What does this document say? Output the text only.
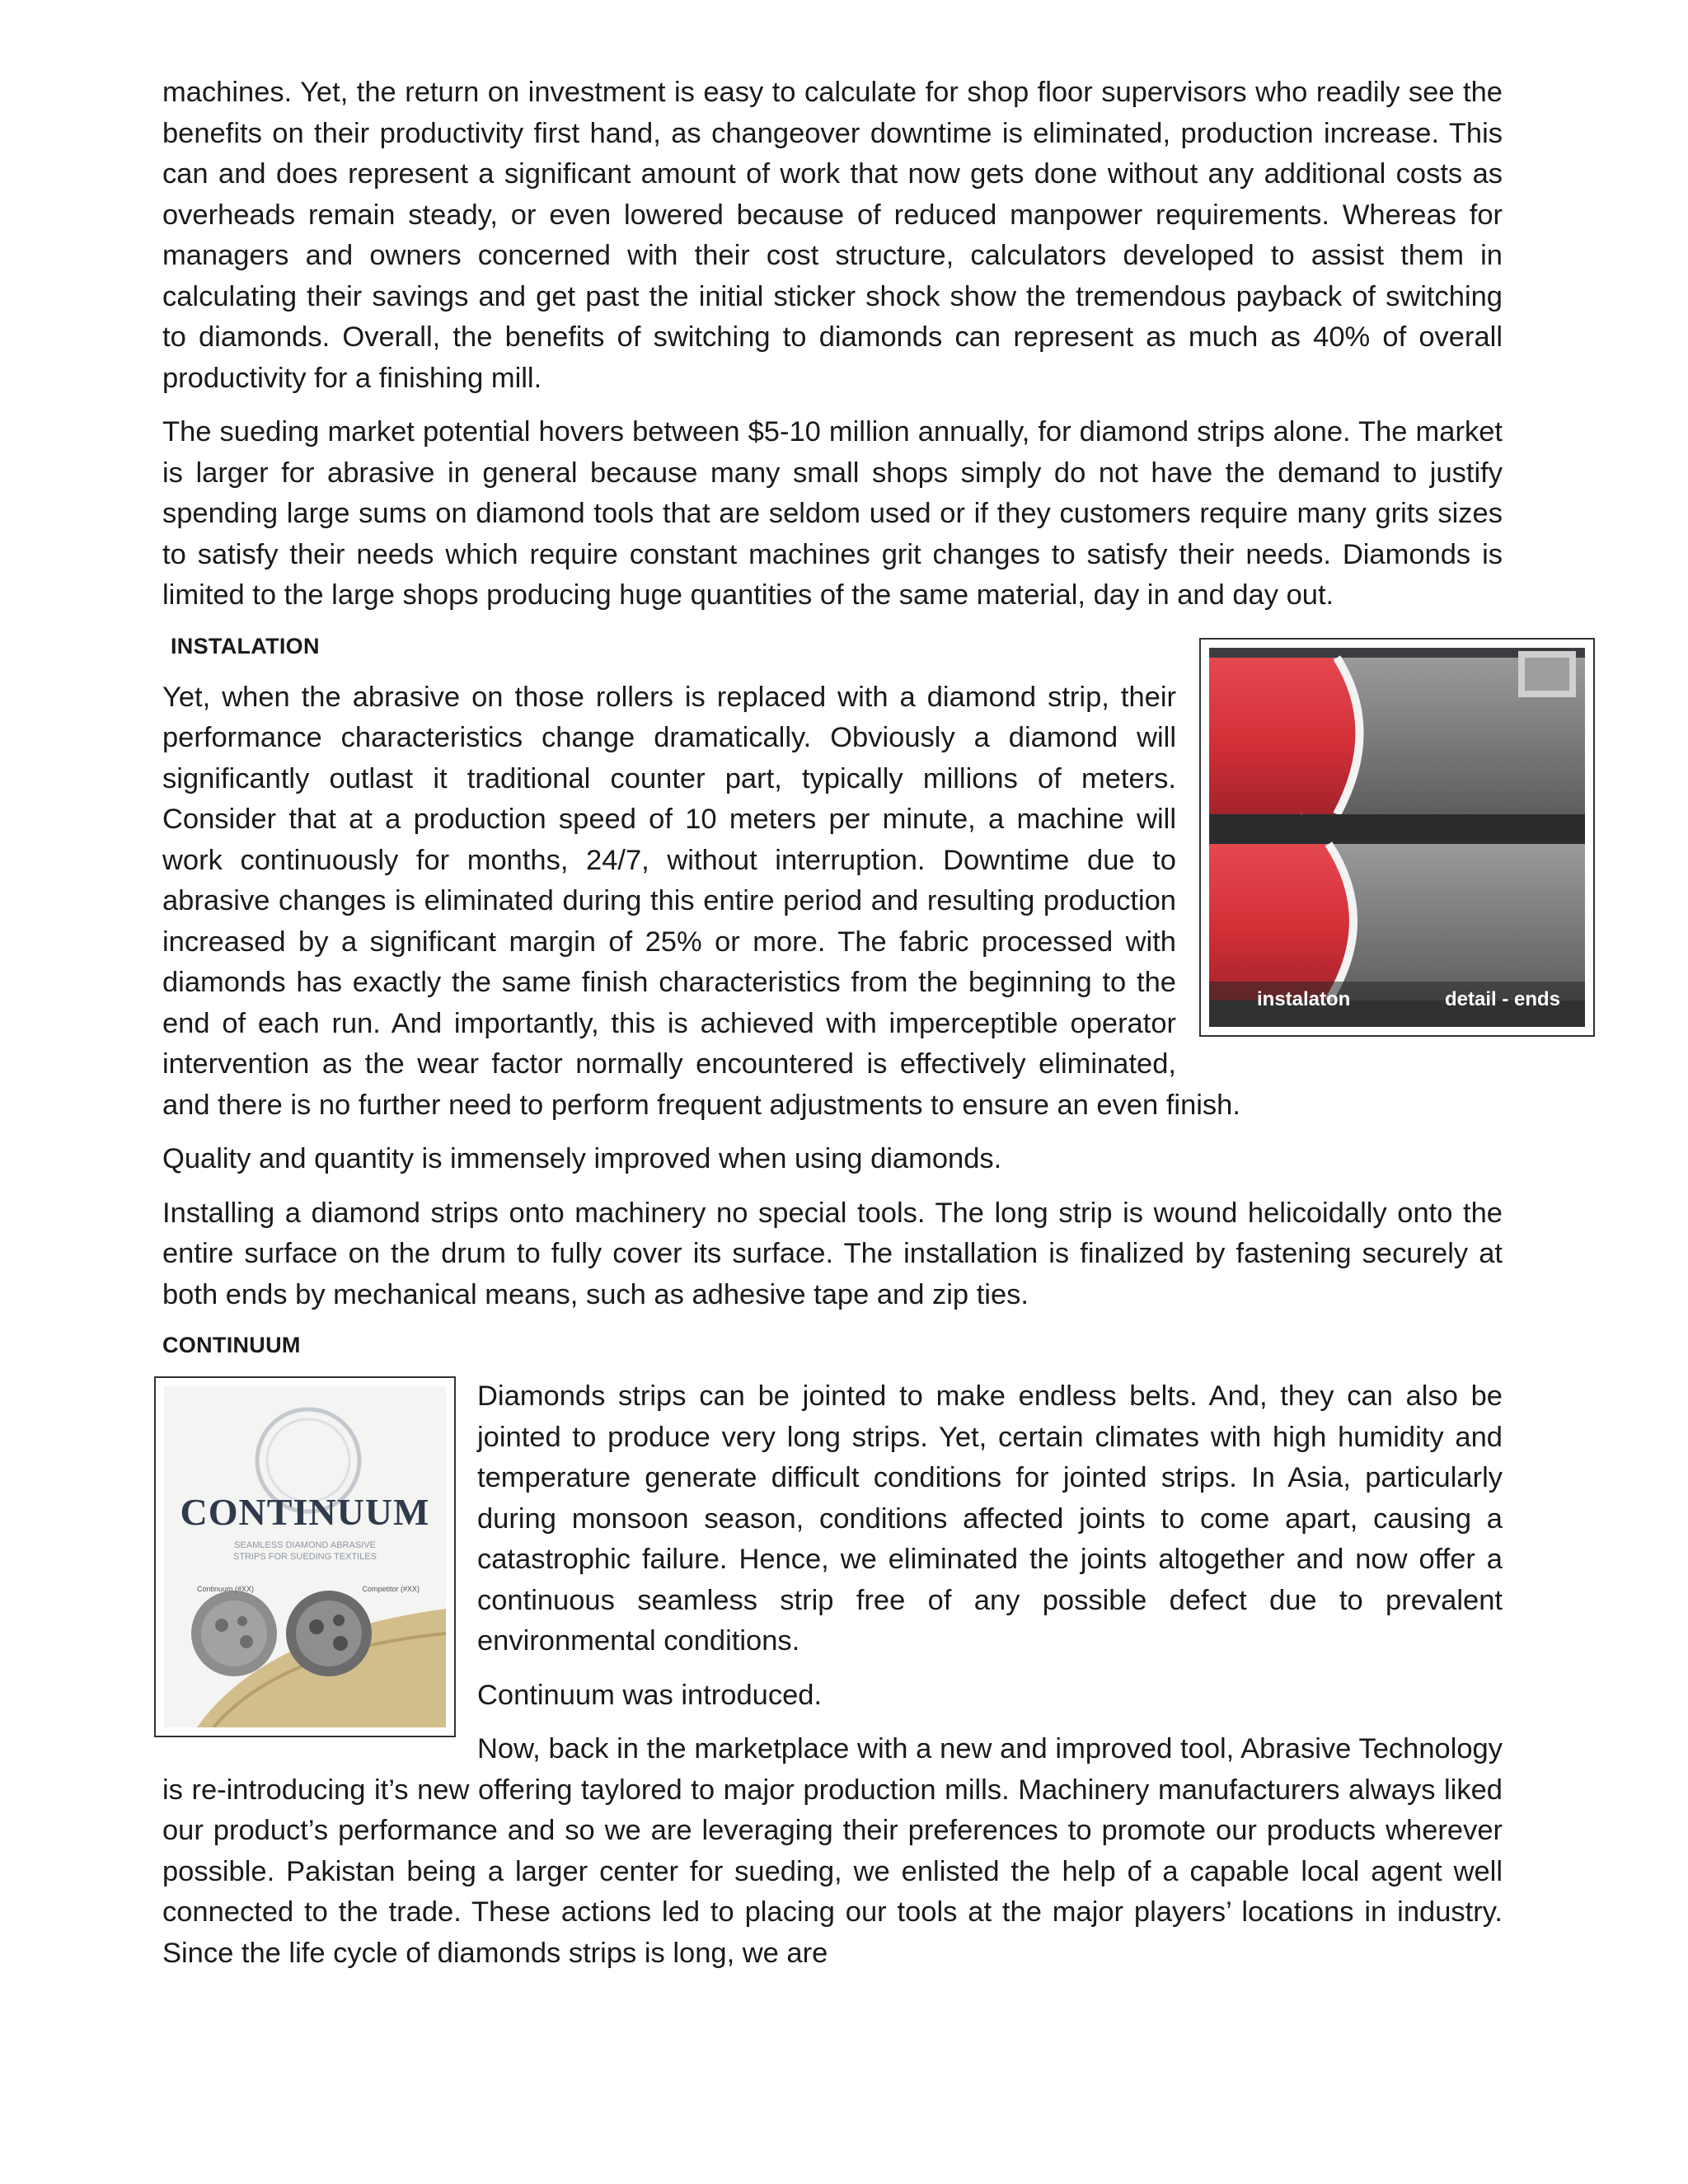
machines. Yet, the return on investment is easy to calculate for shop floor supervisors who readily see the benefits on their productivity first hand, as changeover downtime is eliminated, production increase. This can and does represent a significant amount of work that now gets done without any additional costs as overheads remain steady, or even lowered because of reduced manpower requirements. Whereas for managers and owners concerned with their cost structure, calculators developed to assist them in calculating their savings and get past the initial sticker shock show the tremendous payback of switching to diamonds. Overall, the benefits of switching to diamonds can represent as much as 40% of overall productivity for a finishing mill.

The sueding market potential hovers between $5-10 million annually, for diamond strips alone. The market is larger for abrasive in general because many small shops simply do not have the demand to justify spending large sums on diamond tools that are seldom used or if they customers require many grits sizes to satisfy their needs which require constant machines grit changes to satisfy their needs. Diamonds is limited to the large shops producing huge quantities of the same material, day in and day out.

instalaton	detail - ends
INSTALATION

Yet, when the abrasive on those rollers is replaced with a diamond strip, their performance characteristics change dramatically. Obviously a diamond will significantly outlast it traditional counter part, typically millions of meters. Consider that at a production speed of 10 meters per minute, a machine will work continuously for months, 24/7, without interruption. Downtime due to abrasive changes is eliminated during this entire period and resulting production increased by a significant margin of 25% or more. The fabric processed with diamonds has exactly the same finish characteristics from the beginning to the end of each run. And importantly, this is achieved with imperceptible operator intervention as the wear factor normally encountered is effectively eliminated, and there is no further need to perform frequent adjustments to ensure an even finish.

Quality and quantity is immensely improved when using diamonds.

Installing a diamond strips onto machinery no special tools. The long strip is wound helicoidally onto the entire surface on the drum to fully cover its surface. The installation is finalized by fastening securely at both ends by mechanical means, such as adhesive tape and zip ties.

CONTINUUM
CONTINUUM
SEAMLESS DIAMOND ABRASIVE
STRIPS FOR SUEDING TEXTILES
Continuum (#XX)	Competitor (#XX)

Diamonds strips can be jointed to make endless belts. And, they can also be jointed to produce very long strips. Yet, certain climates with high humidity and temperature generate difficult conditions for jointed strips. In Asia, particularly during monsoon season, conditions affected joints to come apart, causing a catastrophic failure. Hence, we eliminated the joints altogether and now offer a continuous seamless strip free of any possible defect due to prevalent environmental conditions.

Continuum was introduced.

Now, back in the marketplace with a new and improved tool, Abrasive Technology is re-introducing it’s new offering taylored to major production mills. Machinery manufacturers always liked our product’s performance and so we are leveraging their preferences to promote our products wherever possible. Pakistan being a larger center for sueding, we enlisted the help of a capable local agent well connected to the trade. These actions led to placing our tools at the major players’ locations in industry. Since the life cycle of diamonds strips is long, we are
